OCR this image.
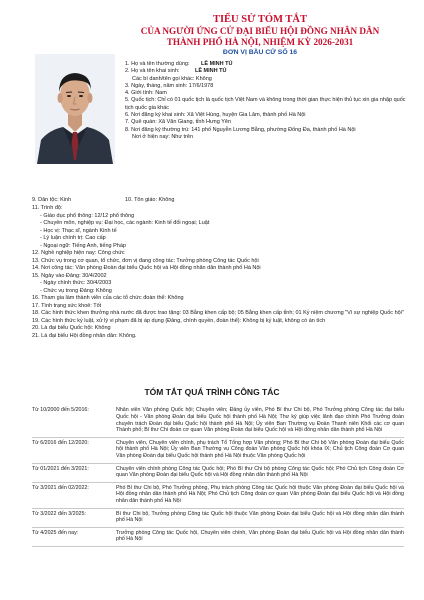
TIỂU SỬ TÓM TẮT
CỦA NGƯỜI ỨNG CỬ ĐẠI BIỂU HỘI ĐỒNG NHÂN DÂN
THÀNH PHỐ HÀ NỘI, NHIỆM KỲ 2026-2031
ĐƠN VỊ BẦU CỬ SỐ 16
1. Họ và tên thường dùng: LÊ MINH TÚ
2. Họ và tên khai sinh:	LÊ MINH TÚ
Các bí danh/tên gọi khác: Không
3. Ngày, tháng, năm sinh: 17/6/1978
4. Giới tính: Nam
5. Quốc tịch: Chỉ có 01 quốc tịch là quốc tịch Việt Nam và không trong thời gian thực hiện thủ tục xin gia nhập quốc tịch quốc gia khác
6. Nơi đăng ký khai sinh: Xã Việt Hùng, huyện Gia Lâm, thành phố Hà Nội
7. Quê quán: Xã Văn Giang, tỉnh Hưng Yên
8. Nơi đăng ký thường trú: 141 phố Nguyễn Lương Bằng, phường Đống Đa, thành phố Hà Nội
Nơi ở hiện nay: Như trên
9. Dân tộc: Kinh	10. Tôn giáo: Không
11. Trình độ:
- Giáo dục phổ thông: 12/12 phổ thông
- Chuyên môn, nghiệp vụ: Đại học, các ngành: Kinh tế đối ngoại; Luật
- Học vị: Thạc sĩ, ngành Kinh tế
- Lý luận chính trị: Cao cấp
- Ngoại ngữ: Tiếng Anh, tiếng Pháp
12. Nghề nghiệp hiện nay: Công chức
13. Chức vụ trong cơ quan, tổ chức, đơn vị đang công tác: Trưởng phòng Công tác Quốc hội
14. Nơi công tác: Văn phòng Đoàn đại biểu Quốc hội và Hội đồng nhân dân thành phố Hà Nội
15. Ngày vào Đảng: 30/4/2002
- Ngày chính thức: 30/4/2003
- Chức vụ trong Đảng: Không
16. Tham gia làm thành viên của các tổ chức đoàn thể: Không
17. Tình trạng sức khoẻ: Tốt
18. Các hình thức khen thưởng nhà nước đã được trao tặng: 03 Bằng khen cấp bộ; 05 Bằng khen cấp tỉnh; 01 Kỷ niệm chương "Vì sự nghiệp Quốc hội"
19. Các hình thức kỷ luật, xử lý vi phạm đã bị áp dụng (Đảng, chính quyền, đoàn thể): Không bị kỷ luật, không có án tích
20. Là đại biểu Quốc hội: Không
21. Là đại biểu Hội đồng nhân dân: Không.
TÓM TẮT QUÁ TRÌNH CÔNG TÁC
Từ 10/2000 đến 5/2016:	Nhân viên Văn phòng Quốc hội; Chuyên viên; Đảng ủy viên, Phó Bí thư Chi bộ, Phó Trưởng phòng Công tác đại biểu Quốc hội - Văn phòng Đoàn đại biểu Quốc hội thành phố Hà Nội; Thư ký giúp việc lãnh đạo chính Phó Trưởng đoàn chuyên trách Đoàn đại biểu Quốc hội thành phố Hà Nội; Ủy viên Ban Thường vụ Đoàn Thanh niên Khối các cơ quan Thành phố; Bí thư Chi đoàn cơ quan Văn phòng Đoàn đại biểu Quốc hội và Hội đồng nhân dân thành phố Hà Nội
Từ 6/2016 đến 12/2020:	Chuyên viên, Chuyên viên chính, phụ trách Tổ Tổng hợp Văn phòng; Phó Bí thư Chi bộ Văn phòng Đoàn đại biểu Quốc hội thành phố Hà Nội; Ủy viên Ban Thường vụ Công đoàn Văn phòng Quốc hội khóa IX; Chủ tịch Công đoàn Cơ quan Văn phòng Đoàn đại biểu Quốc hội thành phố Hà Nội thuộc Văn phòng Quốc hội
Từ 01/2021 đến 3/2021:	Chuyên viên chính phòng Công tác Quốc hội; Phó Bí thư Chi bộ phòng Công tác Quốc hội; Phó Chủ tịch Công đoàn Cơ quan Văn phòng Đoàn đại biểu Quốc hội và Hội đồng nhân dân thành phố Hà Nội
Từ 3/2021 đến 02/2022:	Phó Bí thư Chi bộ, Phó Trưởng phòng, Phụ trách phòng Công tác Quốc hội thuộc Văn phòng Đoàn đại biểu Quốc hội và Hội đồng nhân dân thành phố Hà Nội; Phó Chủ tịch Công đoàn cơ quan Văn phòng Đoàn đại biểu Quốc hội và Hội đồng nhân dân thành phố Hà Nội
Từ 3/2022 đến 3/2025:	Bí thư Chi bộ, Trưởng phòng Công tác Quốc hội thuộc Văn phòng Đoàn đại biểu Quốc hội và Hội đồng nhân dân thành phố Hà Nội
Từ 4/2025 đến nay:	Trưởng phòng Công tác Quốc hội, Chuyên viên chính, Văn phòng Đoàn đại biểu Quốc hội và Hội đồng nhân dân thành phố Hà Nội
